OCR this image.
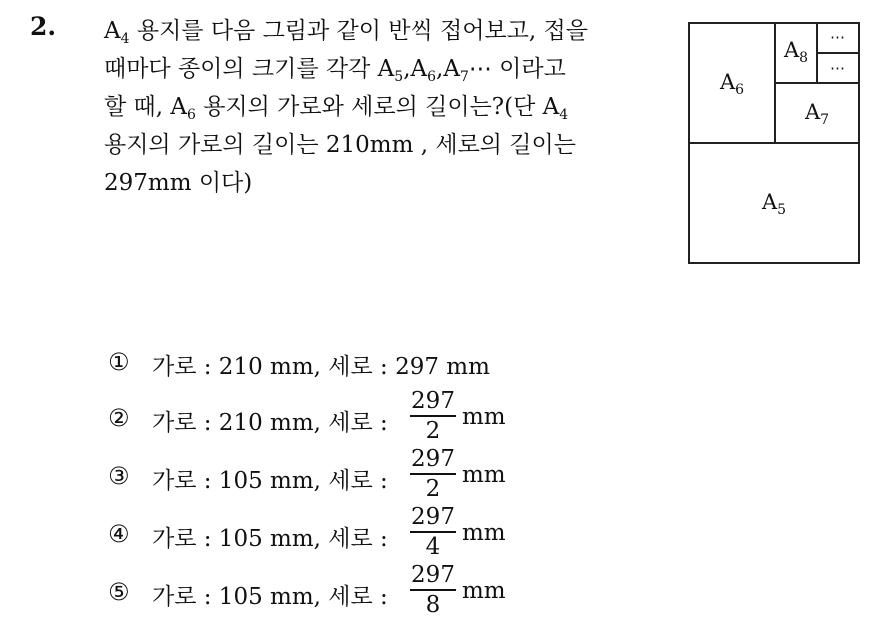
2. $A_4$ 용지를 다음 그림과 같이 반씩 접어보고, 접을
때마다 종이의 크기를 각각 $A_5,A_6,A_7\cdots$ 이라고
할 때, $A_6$ 용지의 가로와 세로의 길이는?(단 $A_4$
용지의 가로의 길이는 210mm , 세로의 길이는
297mm 이다)
$A_6$
$A_8$
$A_7$
$A_5$
⋯
⋯
① 가로 : 210 mm, 세로 : 297 mm
② 가로 : 210 mm, 세로 :
297
2
mm
③ 가로 : 105 mm, 세로 :
297
2
mm
④ 가로 : 105 mm, 세로 :
297
4
mm
⑤ 가로 : 105 mm, 세로 :
297
8
mm
